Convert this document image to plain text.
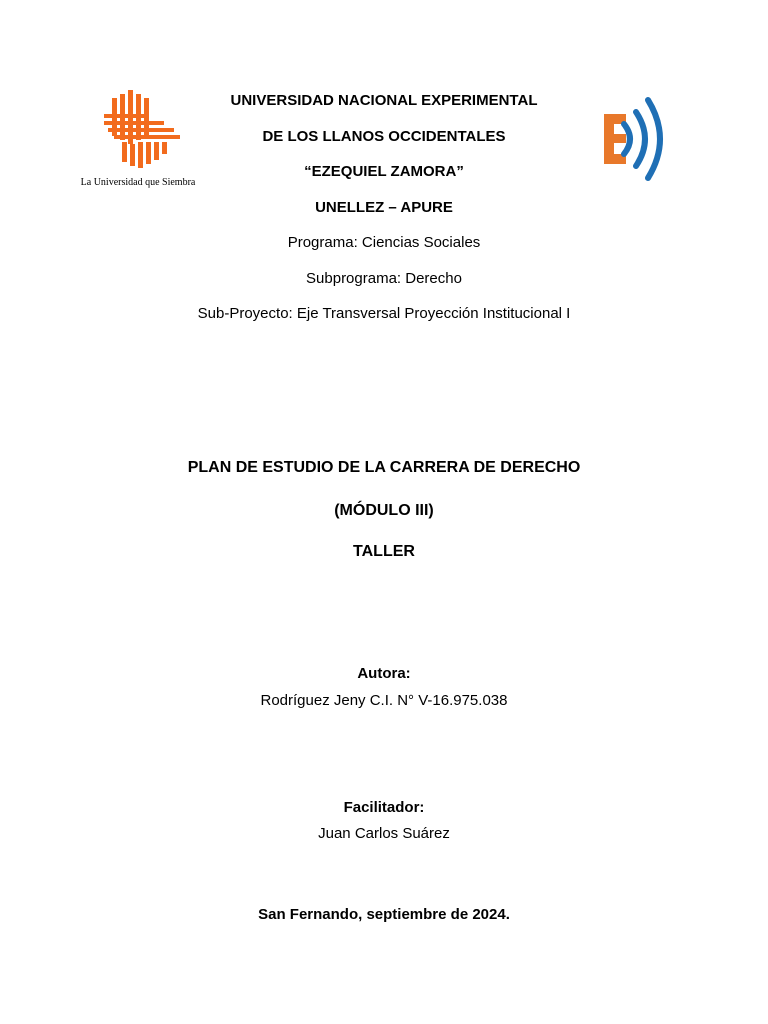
La Universidad que Siembra
UNIVERSIDAD NACIONAL EXPERIMENTAL
DE LOS LLANOS OCCIDENTALES
“EZEQUIEL ZAMORA”
UNELLEZ – APURE
Programa: Ciencias Sociales
Subprograma: Derecho
Sub-Proyecto: Eje Transversal Proyección Institucional I
PLAN DE ESTUDIO DE LA CARRERA DE DERECHO
(MÓDULO III)
TALLER
Autora:
Rodríguez Jeny C.I. N° V-16.975.038
Facilitador:
Juan Carlos Suárez
San Fernando, septiembre de 2024.
